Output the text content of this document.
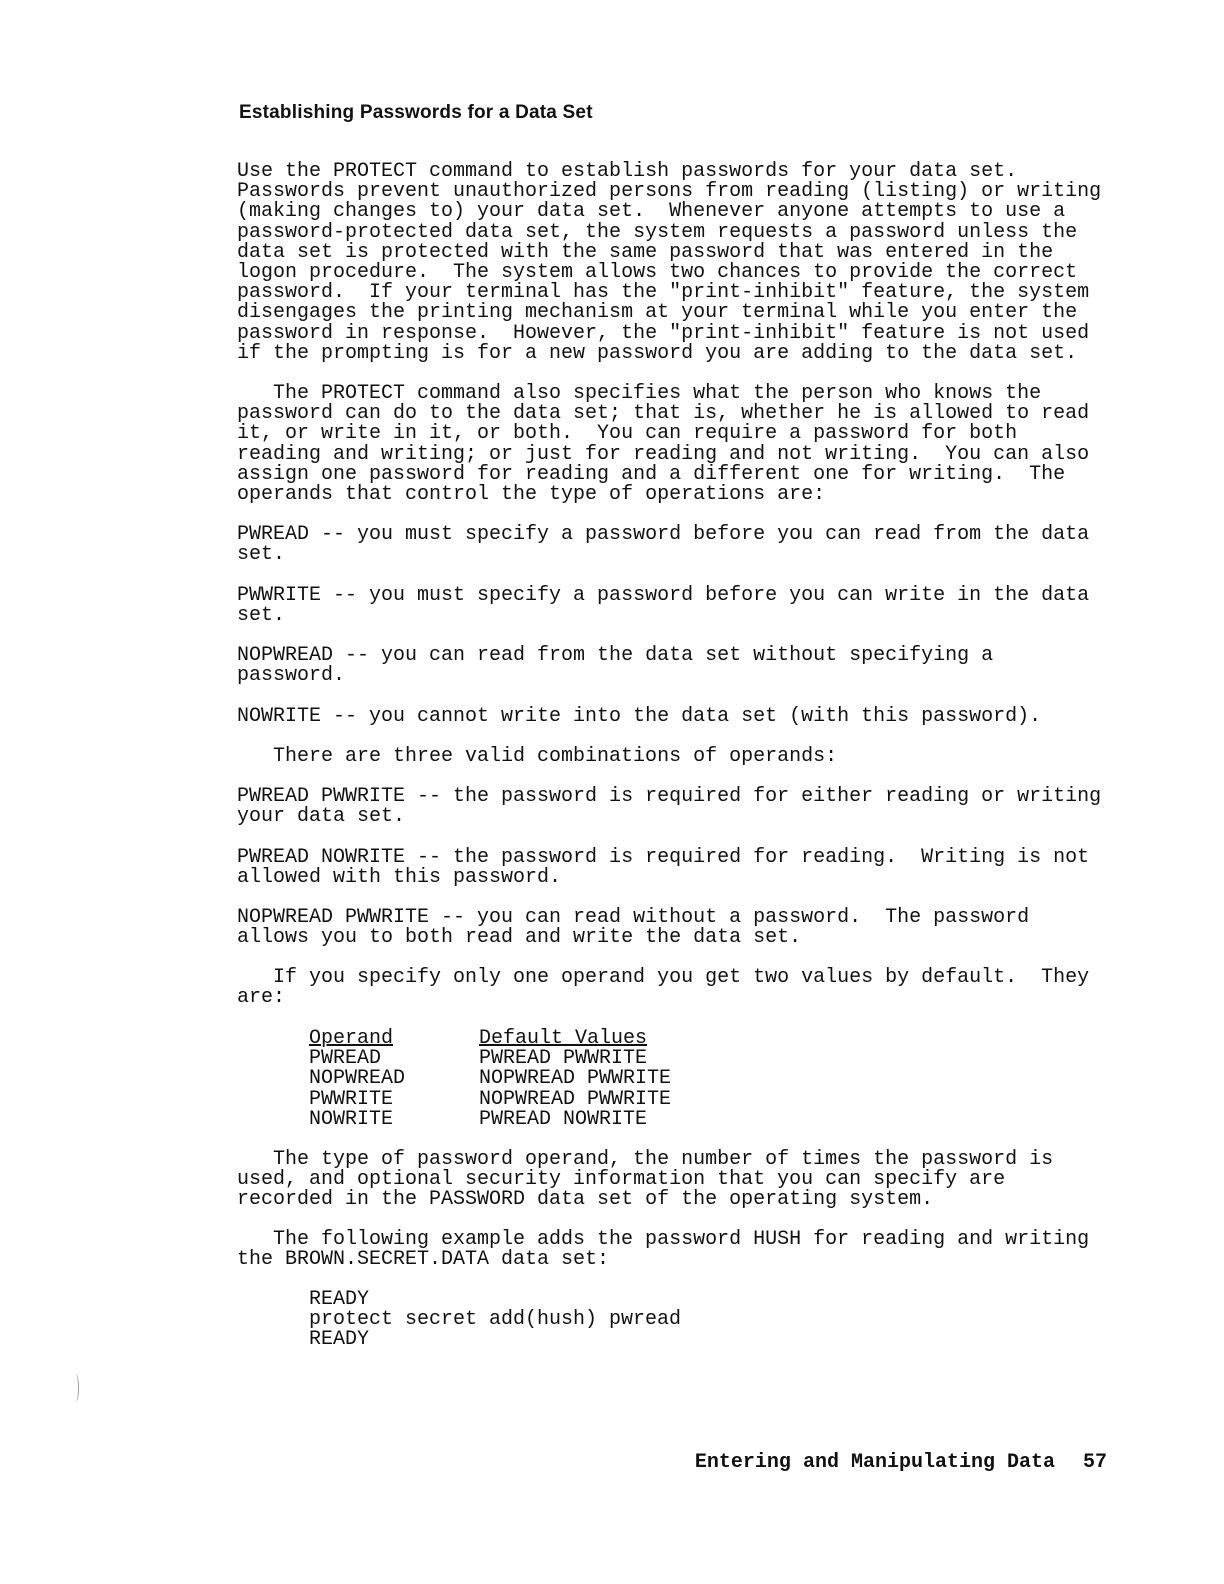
Establishing Passwords for a Data Set
Use the PROTECT command to establish passwords for your data set.
Passwords prevent unauthorized persons from reading (listing) or writing
(making changes to) your data set.  Whenever anyone attempts to use a
password-protected data set, the system requests a password unless the
data set is protected with the same password that was entered in the
logon procedure.  The system allows two chances to provide the correct
password.  If your terminal has the "print-inhibit" feature, the system
disengages the printing mechanism at your terminal while you enter the
password in response.  However, the "print-inhibit" feature is not used
if the prompting is for a new password you are adding to the data set.
The PROTECT command also specifies what the person who knows the
password can do to the data set; that is, whether he is allowed to read
it, or write in it, or both.  You can require a password for both
reading and writing; or just for reading and not writing.  You can also
assign one password for reading and a different one for writing.  The
operands that control the type of operations are:
PWREAD -- you must specify a password before you can read from the data
set.
PWWRITE -- you must specify a password before you can write in the data
set.
NOPWREAD -- you can read from the data set without specifying a
password.
NOWRITE -- you cannot write into the data set (with this password).
There are three valid combinations of operands:
PWREAD PWWRITE -- the password is required for either reading or writing
your data set.
PWREAD NOWRITE -- the password is required for reading.  Writing is not
allowed with this password.
NOPWREAD PWWRITE -- you can read without a password.  The password
allows you to both read and write the data set.
If you specify only one operand you get two values by default.  They
are:
Operand	Default Values
PWREAD	PWREAD PWWRITE
NOPWREAD	NOPWREAD PWWRITE
PWWRITE	NOPWREAD PWWRITE
NOWRITE	PWREAD NOWRITE
The type of password operand, the number of times the password is
used, and optional security information that you can specify are
recorded in the PASSWORD data set of the operating system.
The following example adds the password HUSH for reading and writing
the BROWN.SECRET.DATA data set:
READY
protect secret add(hush) pwread
READY
Entering and Manipulating Data 57
